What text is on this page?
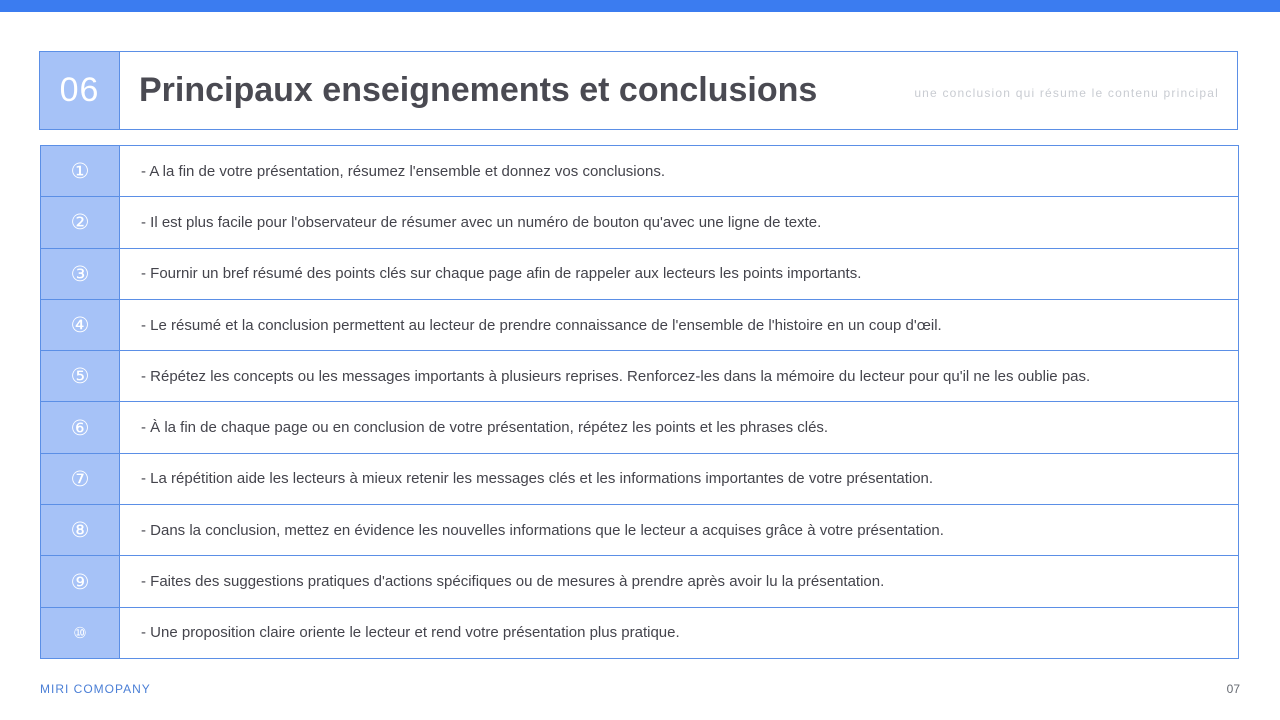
06	Principaux enseignements et conclusions	une conclusion qui résume le contenu principal
①	- A la fin de votre présentation, résumez l'ensemble et donnez vos conclusions.
②	- Il est plus facile pour l'observateur de résumer avec un numéro de bouton qu'avec une ligne de texte.
③	- Fournir un bref résumé des points clés sur chaque page afin de rappeler aux lecteurs les points importants.
④	- Le résumé et la conclusion permettent au lecteur de prendre connaissance de l'ensemble de l'histoire en un coup d'œil.
⑤	- Répétez les concepts ou les messages importants à plusieurs reprises. Renforcez-les dans la mémoire du lecteur pour qu'il ne les oublie pas.
⑥	- À la fin de chaque page ou en conclusion de votre présentation, répétez les points et les phrases clés.
⑦	- La répétition aide les lecteurs à mieux retenir les messages clés et les informations importantes de votre présentation.
⑧	- Dans la conclusion, mettez en évidence les nouvelles informations que le lecteur a acquises grâce à votre présentation.
⑨	- Faites des suggestions pratiques d'actions spécifiques ou de mesures à prendre après avoir lu la présentation.
⑩	- Une proposition claire oriente le lecteur et rend votre présentation plus pratique.
MIRI COMOPANY	07
